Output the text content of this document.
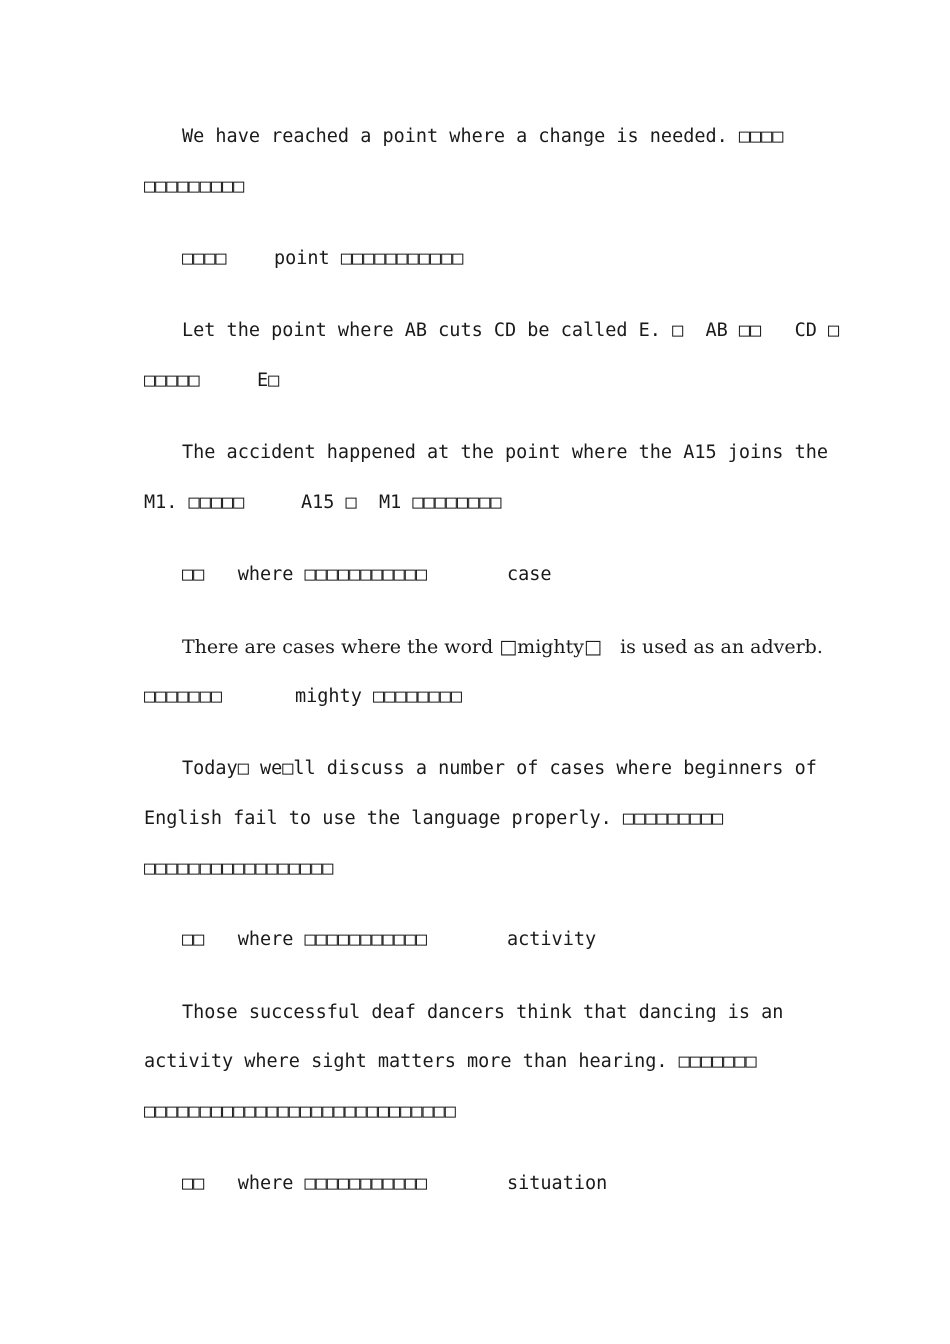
We have reached a point where a change is needed. □□□□
□□□□□□□□□
□□□□	point □□□□□□□□□□□
Let the point where AB cuts CD be called E. □  AB □□   CD □
□□□□□	E□
The accident happened at the point where the A15 joins the
M1. □□□□□	A15 □  M1 □□□□□□□□
□□   where □□□□□□□□□□□	case
There are cases where the word □mighty□   is used as an adverb.
□□□□□□□	mighty □□□□□□□□
Today□ we□ll discuss a number of cases where beginners of
English fail to use the language properly. □□□□□□□□□
□□□□□□□□□□□□□□□□□
□□   where □□□□□□□□□□□	activity
Those successful deaf dancers think that dancing is an
activity where sight matters more than hearing. □□□□□□□
□□□□□□□□□□□□□□□□□□□□□□□□□□□□
□□   where □□□□□□□□□□□	situation
